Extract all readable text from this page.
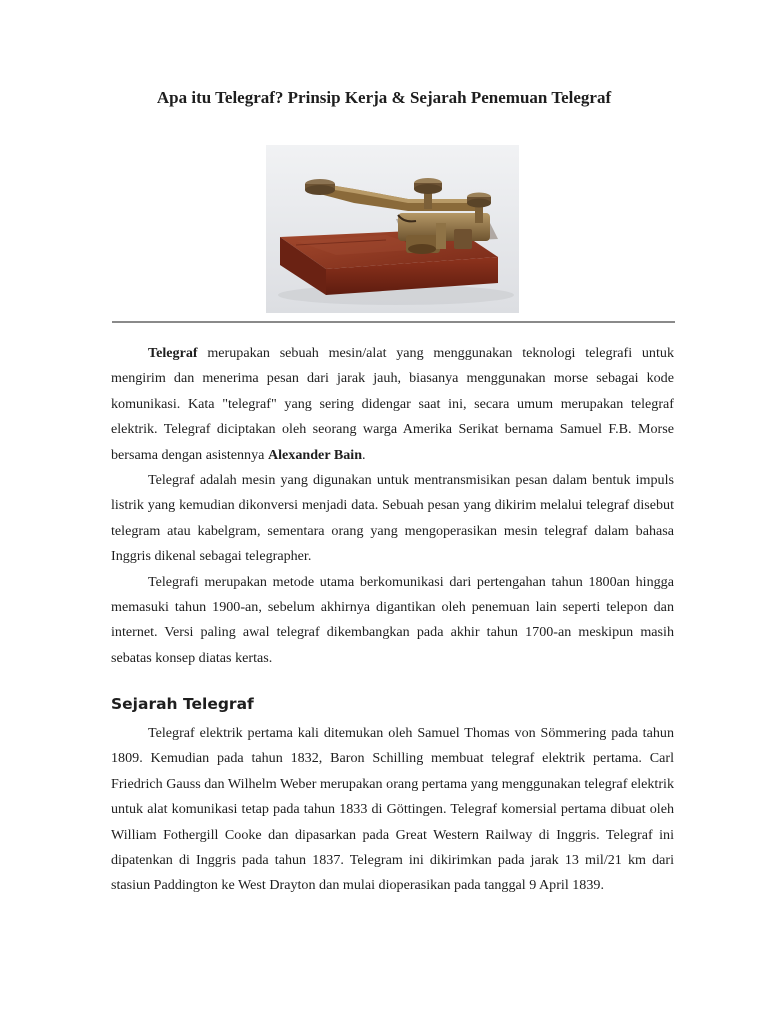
Apa itu Telegraf? Prinsip Kerja & Sejarah Penemuan Telegraf

Telegraf merupakan sebuah mesin/alat yang menggunakan teknologi telegrafi untuk mengirim dan menerima pesan dari jarak jauh, biasanya menggunakan morse sebagai kode komunikasi. Kata "telegraf" yang sering didengar saat ini, secara umum merupakan telegraf elektrik. Telegraf diciptakan oleh seorang warga Amerika Serikat bernama Samuel F.B. Morse bersama dengan asistennya Alexander Bain.

Telegraf adalah mesin yang digunakan untuk mentransmisikan pesan dalam bentuk impuls listrik yang kemudian dikonversi menjadi data. Sebuah pesan yang dikirim melalui telegraf disebut telegram atau kabelgram, sementara orang yang mengoperasikan mesin telegraf dalam bahasa Inggris dikenal sebagai telegrapher.

Telegrafi merupakan metode utama berkomunikasi dari pertengahan tahun 1800an hingga memasuki tahun 1900-an, sebelum akhirnya digantikan oleh penemuan lain seperti telepon dan internet. Versi paling awal telegraf dikembangkan pada akhir tahun 1700-an meskipun masih sebatas konsep diatas kertas.

Sejarah Telegraf

Telegraf elektrik pertama kali ditemukan oleh Samuel Thomas von Sömmering pada tahun 1809. Kemudian pada tahun 1832, Baron Schilling membuat telegraf elektrik pertama. Carl Friedrich Gauss dan Wilhelm Weber merupakan orang pertama yang menggunakan telegraf elektrik untuk alat komunikasi tetap pada tahun 1833 di Göttingen. Telegraf komersial pertama dibuat oleh William Fothergill Cooke dan dipasarkan pada Great Western Railway di Inggris. Telegraf ini dipatenkan di Inggris pada tahun 1837. Telegram ini dikirimkan pada jarak 13 mil/21 km dari stasiun Paddington ke West Drayton dan mulai dioperasikan pada tanggal 9 April 1839.
